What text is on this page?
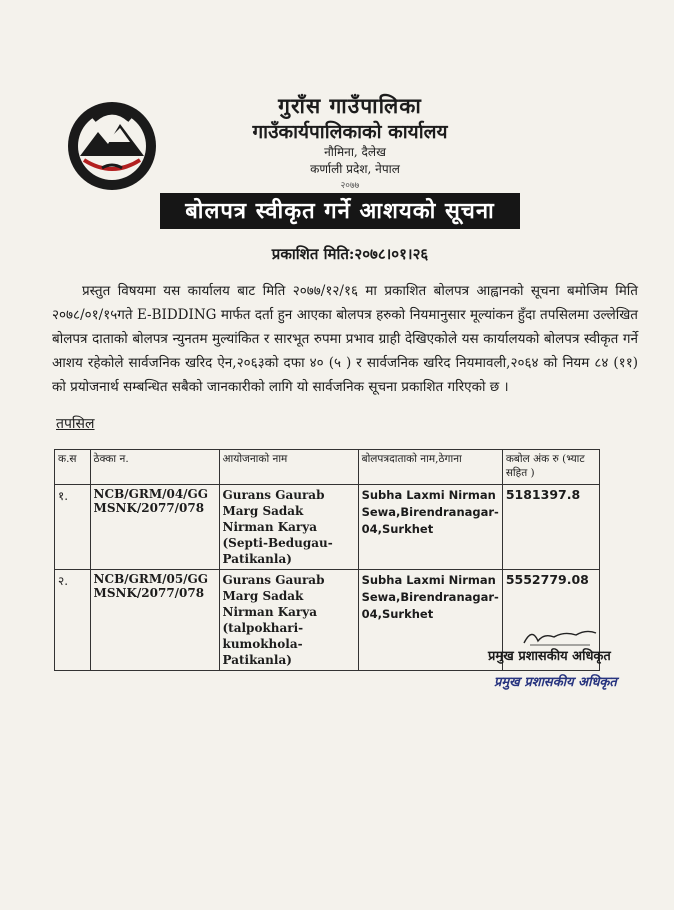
गुराँस गाउँपालिका
गाउँकार्यपालिकाको कार्यालय
नौमिना, दैलेख
कर्णाली प्रदेश, नेपाल
२०७७
बोलपत्र स्वीकृत गर्ने आशयको सूचना
प्रकाशित मिति:२०७८।०१।२६

प्रस्तुत विषयमा यस कार्यालय बाट मिति २०७७/१२/१६ मा प्रकाशित बोलपत्र आह्वानको सूचना बमोजिम मिति २०७८/०१/१५गते E-BIDDING मार्फत दर्ता हुन आएका बोलपत्र हरुको नियमानुसार मूल्यांकन हुँदा तपसिलमा उल्लेखित बोलपत्र दाताको बोलपत्र न्युनतम मुल्यांकित र सारभूत रुपमा प्रभाव ग्राही देखिएकोले यस कार्यालयको बोलपत्र स्वीकृत गर्ने आशय रहेकोले सार्वजनिक खरिद ऐन,२०६३को दफा ४० (५ ) र सार्वजनिक खरिद नियमावली,२०६४ को नियम ८४ (११) को प्रयोजनार्थ सम्बन्धित सबैको जानकारीको लागि यो सार्वजनिक सूचना प्रकाशित गरिएको छ ।

तपसिल
क.स	ठेक्का न.	आयोजनाको नाम	बोलपत्रदाताको नाम,ठेगाना	कबोल अंक रु (भ्याट सहित )
१.	NCB/GRM/04/GG MSNK/2077/078	Gurans Gaurab Marg Sadak Nirman Karya (Septi-Bedugau-Patikanla)	Subha Laxmi Nirman Sewa,Birendranagar-04,Surkhet	5181397.8
२.	NCB/GRM/05/GG MSNK/2077/078	Gurans Gaurab Marg Sadak Nirman Karya (talpokhari-kumokhola-Patikanla)	Subha Laxmi Nirman Sewa,Birendranagar-04,Surkhet	5552779.08
प्रमुख प्रशासकीय अधिकृत
प्रमुख प्रशासकीय अधिकृत
